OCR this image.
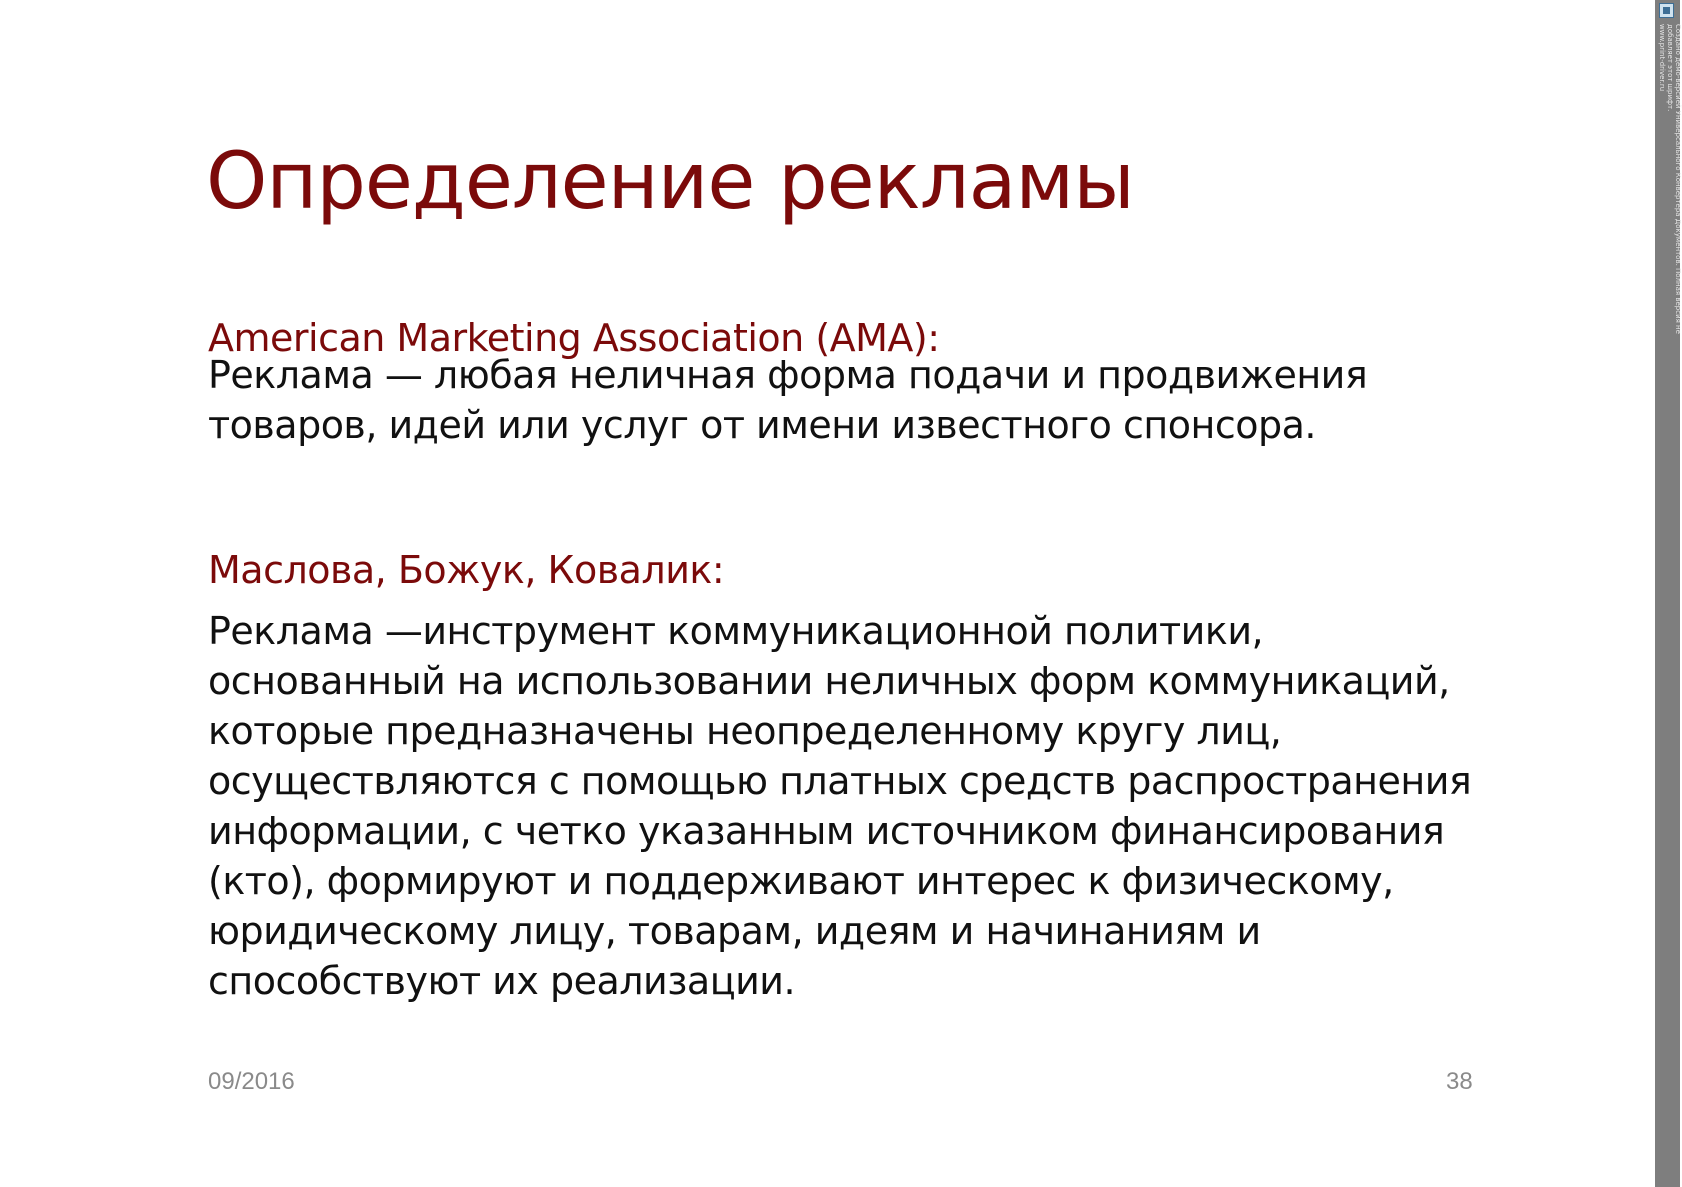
Определение рекламы
American Marketing Association (AMA):
Реклама — любая неличная форма подачи и продвижения
товаров, идей или услуг от имени известного спонсора.
Маслова, Божук, Ковалик:
Реклама —инструмент коммуникационной политики,
основанный на использовании неличных форм коммуникаций,
которые предназначены неопределенному кругу лиц,
осуществляются с помощью платных средств распространения
информации, с четко указанным источником финансирования
(кто), формируют и поддерживают интерес к физическому,
юридическому лицу, товарам, идеям и начинаниям и
способствуют их реализации.
09/2016	38
Создано демо-версией Универсального Конвертера Документов. Полная версия не добавляет этот шрифт.
www.print-driver.ru
